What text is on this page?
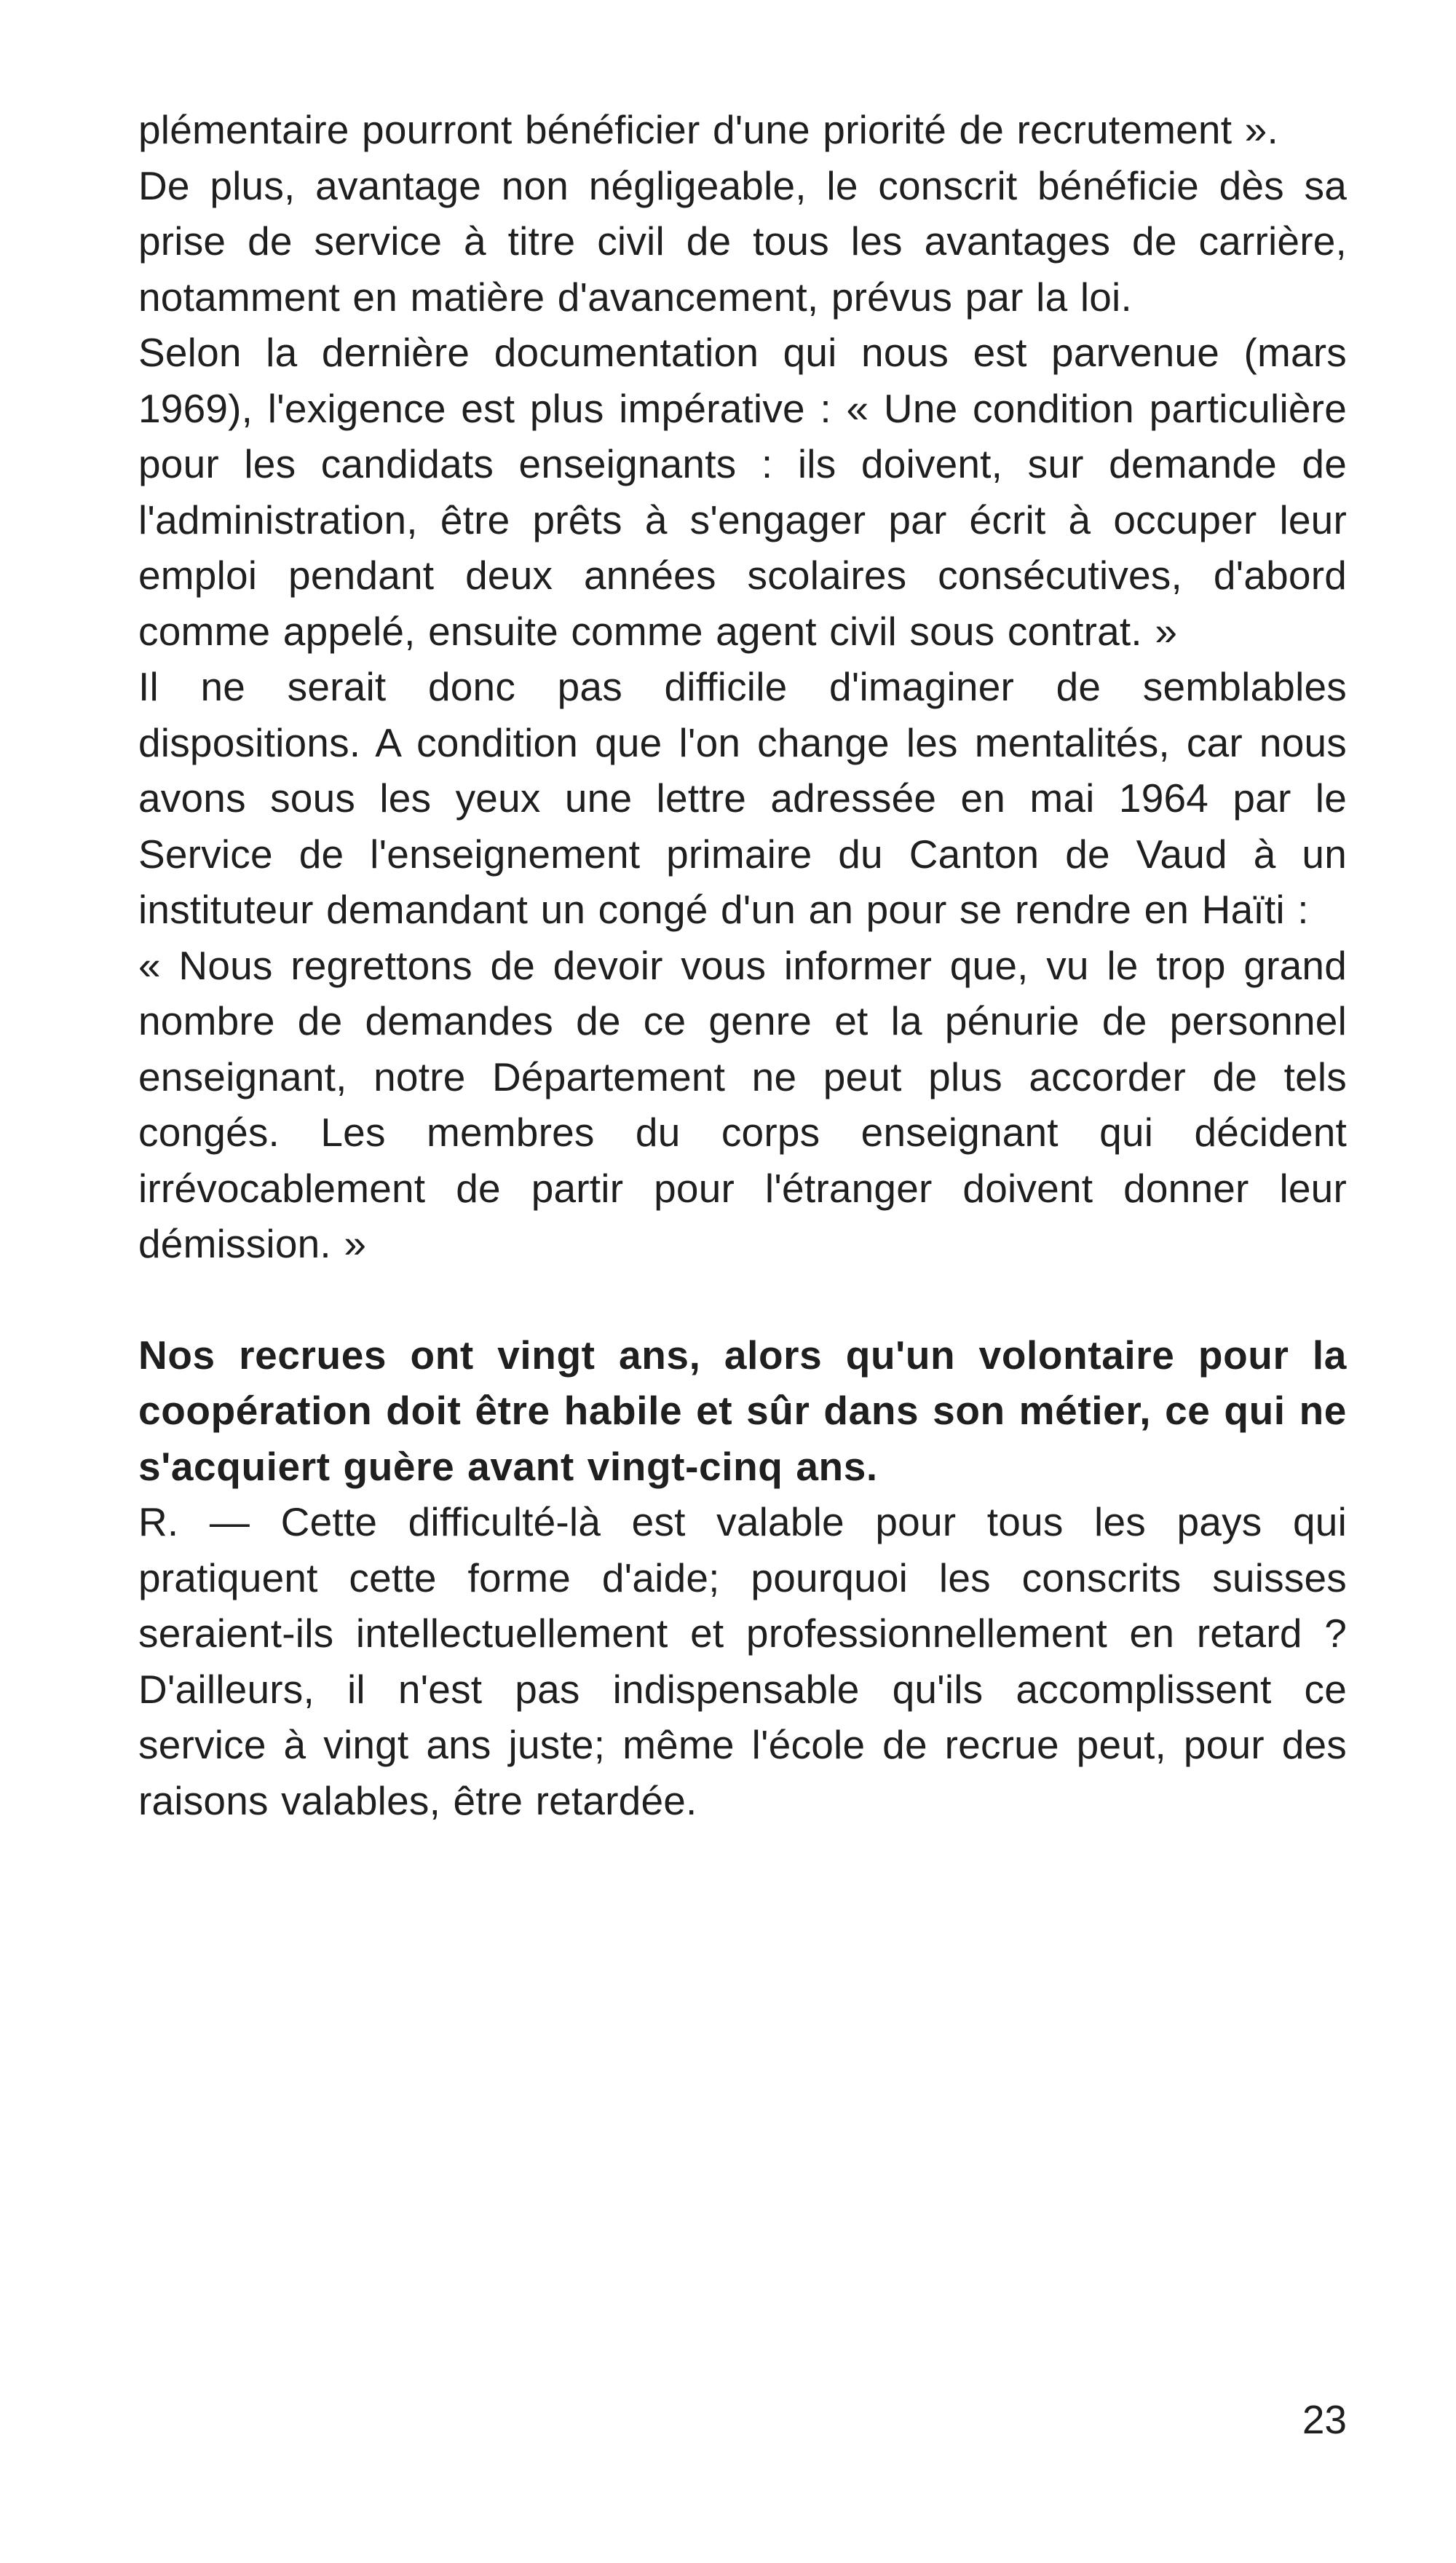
plémentaire pourront bénéficier d'une priorité de recrutement ».

De plus, avantage non négligeable, le conscrit bénéficie dès sa prise de service à titre civil de tous les avantages de carrière, notamment en matière d'avancement, prévus par la loi.

Selon la dernière documentation qui nous est parvenue (mars 1969), l'exigence est plus impérative : « Une condition particulière pour les candidats enseignants : ils doivent, sur demande de l'administration, être prêts à s'engager par écrit à occuper leur emploi pendant deux années scolaires consécutives, d'abord comme appelé, ensuite comme agent civil sous contrat. »

Il ne serait donc pas difficile d'imaginer de semblables dispositions. A condition que l'on change les mentalités, car nous avons sous les yeux une lettre adressée en mai 1964 par le Service de l'enseignement primaire du Canton de Vaud à un instituteur demandant un congé d'un an pour se rendre en Haïti :

« Nous regrettons de devoir vous informer que, vu le trop grand nombre de demandes de ce genre et la pénurie de personnel enseignant, notre Département ne peut plus accorder de tels congés. Les membres du corps enseignant qui décident irrévocablement de partir pour l'étranger doivent donner leur démission. »

Nos recrues ont vingt ans, alors qu'un volontaire pour la coopération doit être habile et sûr dans son métier, ce qui ne s'acquiert guère avant vingt-cinq ans.

R. — Cette difficulté-là est valable pour tous les pays qui pratiquent cette forme d'aide; pourquoi les conscrits suisses seraient-ils intellectuellement et professionnellement en retard ? D'ailleurs, il n'est pas indispensable qu'ils accomplissent ce service à vingt ans juste; même l'école de recrue peut, pour des raisons valables, être retardée.

23
